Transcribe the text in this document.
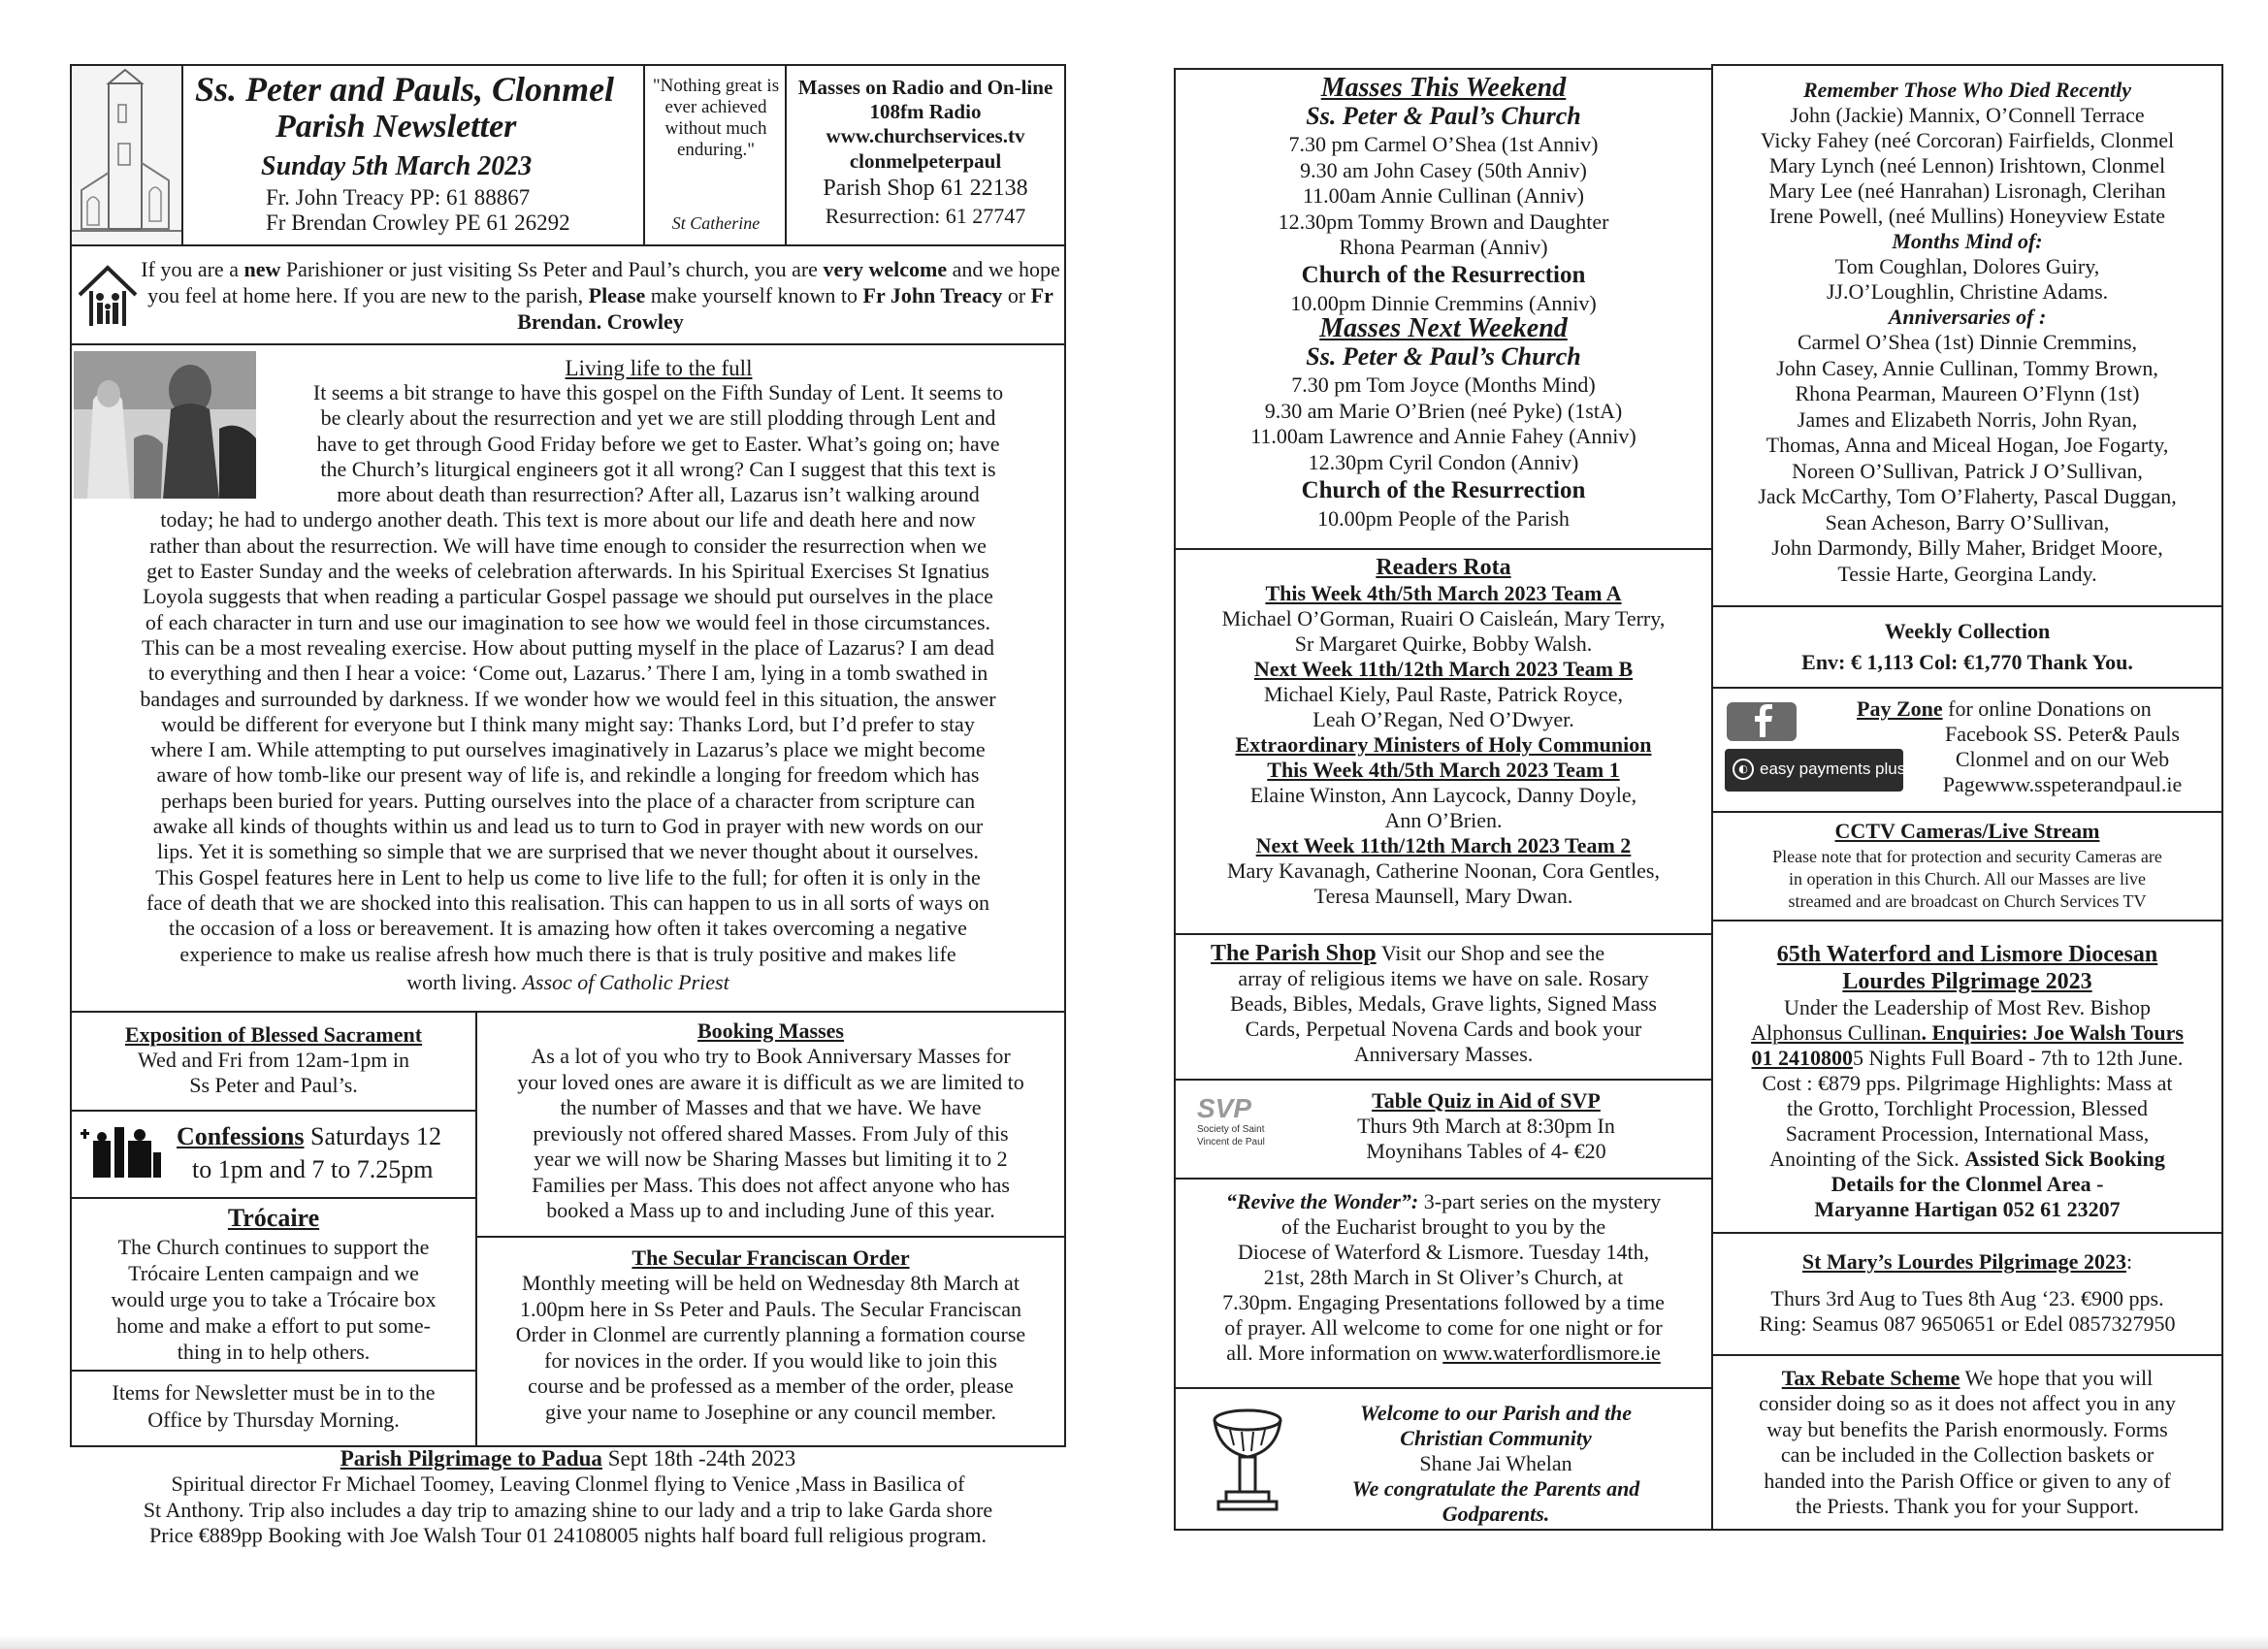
Ss. Peter and Pauls, Clonmel
Parish Newsletter
Sunday 5th March 2023
Fr. John Treacy PP: 61 88867
Fr Brendan Crowley PE 61 26292
"Nothing great is ever achieved without much enduring."
St Catherine
Masses on Radio and On-line 108fm Radio
www.churchservices.tv
clonmelpeterpaul
Parish Shop 61 22138
Resurrection: 61 27747
If you are a new Parishioner or just visiting Ss Peter and Paul’s church, you are very welcome and we hope you feel at home here. If you are new to the parish, Please make yourself known to Fr John Treacy or Fr Brendan. Crowley
Living life to the full
It seems a bit strange to have this gospel on the Fifth Sunday of Lent. It seems to
be clearly about the resurrection and yet we are still plodding through Lent and
have to get through Good Friday before we get to Easter. What’s going on; have
the Church’s liturgical engineers got it all wrong? Can I suggest that this text is
more about death than resurrection? After all, Lazarus isn’t walking around
today; he had to undergo another death. This text is more about our life and death here and now
rather than about the resurrection. We will have time enough to consider the resurrection when we
get to Easter Sunday and the weeks of celebration afterwards. In his Spiritual Exercises St Ignatius
Loyola suggests that when reading a particular Gospel passage we should put ourselves in the place
of each character in turn and use our imagination to see how we would feel in those circumstances.
This can be a most revealing exercise. How about putting myself in the place of Lazarus? I am dead
to everything and then I hear a voice: ‘Come out, Lazarus.’ There I am, lying in a tomb swathed in
bandages and surrounded by darkness. If we wonder how we would feel in this situation, the answer
would be different for everyone but I think many might say: Thanks Lord, but I’d prefer to stay
where I am. While attempting to put ourselves imaginatively in Lazarus’s place we might become
aware of how tomb-like our present way of life is, and rekindle a longing for freedom which has
perhaps been buried for years. Putting ourselves into the place of a character from scripture can
awake all kinds of thoughts within us and lead us to turn to God in prayer with new words on our
lips. Yet it is something so simple that we are surprised that we never thought about it ourselves.
This Gospel features here in Lent to help us come to live life to the full; for often it is only in the
face of death that we are shocked into this realisation. This can happen to us in all sorts of ways on
the occasion of a loss or bereavement. It is amazing how often it takes overcoming a negative
experience to make us realise afresh how much there is that is truly positive and makes life
worth living. Assoc of Catholic Priest
Exposition of Blessed Sacrament
Wed and Fri from 12am-1pm in
Ss Peter and Paul’s.
Confessions Saturdays 12
to 1pm and 7 to 7.25pm
Trócaire
The Church continues to support the
Trócaire Lenten campaign and we
would urge you to take a Trócaire box
home and make a effort to put some-
thing in to help others.
Items for Newsletter must be in to the
Office by Thursday Morning.
Booking Masses
As a lot of you who try to Book Anniversary Masses for
your loved ones are aware it is difficult as we are limited to
the number of Masses and that we have. We have
previously not offered shared Masses. From July of this
year we will now be Sharing Masses but limiting it to 2
Families per Mass. This does not affect anyone who has
booked a Mass up to and including June of this year.
The Secular Franciscan Order
Monthly meeting will be held on Wednesday 8th March at
1.00pm here in Ss Peter and Pauls. The Secular Franciscan
Order in Clonmel are currently planning a formation course
for novices in the order. If you would like to join this
course and be professed as a member of the order, please
give your name to Josephine or any council member.
Parish Pilgrimage to Padua Sept 18th -24th 2023
Spiritual director Fr Michael Toomey, Leaving Clonmel flying to Venice ,Mass in Basilica of
St Anthony. Trip also includes a day trip to amazing shine to our lady and a trip to lake Garda shore
Price €889pp Booking with Joe Walsh Tour 01 24108005 nights half board full religious program.
Masses This Weekend
Ss. Peter & Paul’s Church
7.30 pm Carmel O’Shea (1st Anniv)
9.30 am John Casey (50th Anniv)
11.00am Annie Cullinan (Anniv)
12.30pm Tommy Brown and Daughter
Rhona Pearman (Anniv)
Church of the Resurrection
10.00pm Dinnie Cremmins (Anniv)
Masses Next Weekend
Ss. Peter & Paul’s Church
7.30 pm Tom Joyce (Months Mind)
9.30 am Marie O’Brien (neé Pyke) (1stA)
11.00am Lawrence and Annie Fahey (Anniv)
12.30pm Cyril Condon (Anniv)
Church of the Resurrection
10.00pm People of the Parish
Readers Rota
This Week 4th/5th March 2023 Team A
Michael O’Gorman, Ruairi O Caisleán, Mary Terry,
Sr Margaret Quirke, Bobby Walsh.
Next Week 11th/12th March 2023 Team B
Michael Kiely, Paul Raste, Patrick Royce,
Leah O’Regan, Ned O’Dwyer.
Extraordinary Ministers of Holy Communion
This Week 4th/5th March 2023 Team 1
Elaine Winston, Ann Laycock, Danny Doyle,
Ann O’Brien.
Next Week 11th/12th March 2023 Team 2
Mary Kavanagh, Catherine Noonan, Cora Gentles,
Teresa Maunsell, Mary Dwan.
The Parish Shop Visit our Shop and see the
array of religious items we have on sale. Rosary
Beads, Bibles, Medals, Grave lights, Signed Mass
Cards, Perpetual Novena Cards and book your
Anniversary Masses.
SVP
Society of Saint
Vincent de Paul
Table Quiz in Aid of SVP
Thurs 9th March at 8:30pm In
Moynihans Tables of 4- €20
“Revive the Wonder”: 3-part series on the mystery
of the Eucharist brought to you by the
Diocese of Waterford & Lismore. Tuesday 14th,
21st, 28th March in St Oliver’s Church, at
7.30pm. Engaging Presentations followed by a time
of prayer. All welcome to come for one night or for
all. More information on www.waterfordlismore.ie
Welcome to our Parish and the
Christian Community
Shane Jai Whelan
We congratulate the Parents and
Godparents.
Remember Those Who Died Recently
John (Jackie) Mannix, O’Connell Terrace
Vicky Fahey (neé Corcoran) Fairfields, Clonmel
Mary Lynch (neé Lennon) Irishtown, Clonmel
Mary Lee (neé Hanrahan) Lisronagh, Clerihan
Irene Powell, (neé Mullins) Honeyview Estate
Months Mind of:
Tom Coughlan, Dolores Guiry,
JJ.O’Loughlin, Christine Adams.
Anniversaries of :
Carmel O’Shea (1st) Dinnie Cremmins,
John Casey, Annie Cullinan, Tommy Brown,
Rhona Pearman, Maureen O’Flynn (1st)
James and Elizabeth Norris, John Ryan,
Thomas, Anna and Miceal Hogan, Joe Fogarty,
Noreen O’Sullivan, Patrick J O’Sullivan,
Jack McCarthy, Tom O’Flaherty, Pascal Duggan,
Sean Acheson, Barry O’Sullivan,
John Darmondy, Billy Maher, Bridget Moore,
Tessie Harte, Georgina Landy.
Weekly Collection
Env: € 1,113 Col: €1,770 Thank You.
◐ easy payments plus
Pay Zone for online Donations on
Facebook SS. Peter& Pauls
Clonmel and on our Web
Pagewww.sspeterandpaul.ie
CCTV Cameras/Live Stream
Please note that for protection and security Cameras are
in operation in this Church. All our Masses are live
streamed and are broadcast on Church Services TV
65th Waterford and Lismore Diocesan
Lourdes Pilgrimage 2023
Under the Leadership of Most Rev. Bishop
Alphonsus Cullinan. Enquiries: Joe Walsh Tours
01 24108005 Nights Full Board - 7th to 12th June.
Cost : €879 pps. Pilgrimage Highlights: Mass at
the Grotto, Torchlight Procession, Blessed
Sacrament Procession, International Mass,
Anointing of the Sick. Assisted Sick Booking
Details for the Clonmel Area -
Maryanne Hartigan 052 61 23207
St Mary’s Lourdes Pilgrimage 2023:
Thurs 3rd Aug to Tues 8th Aug ‘23. €900 pps.
Ring: Seamus 087 9650651 or Edel 0857327950
Tax Rebate Scheme We hope that you will
consider doing so as it does not affect you in any
way but benefits the Parish enormously. Forms
can be included in the Collection baskets or
handed into the Parish Office or given to any of
the Priests. Thank you for your Support.
